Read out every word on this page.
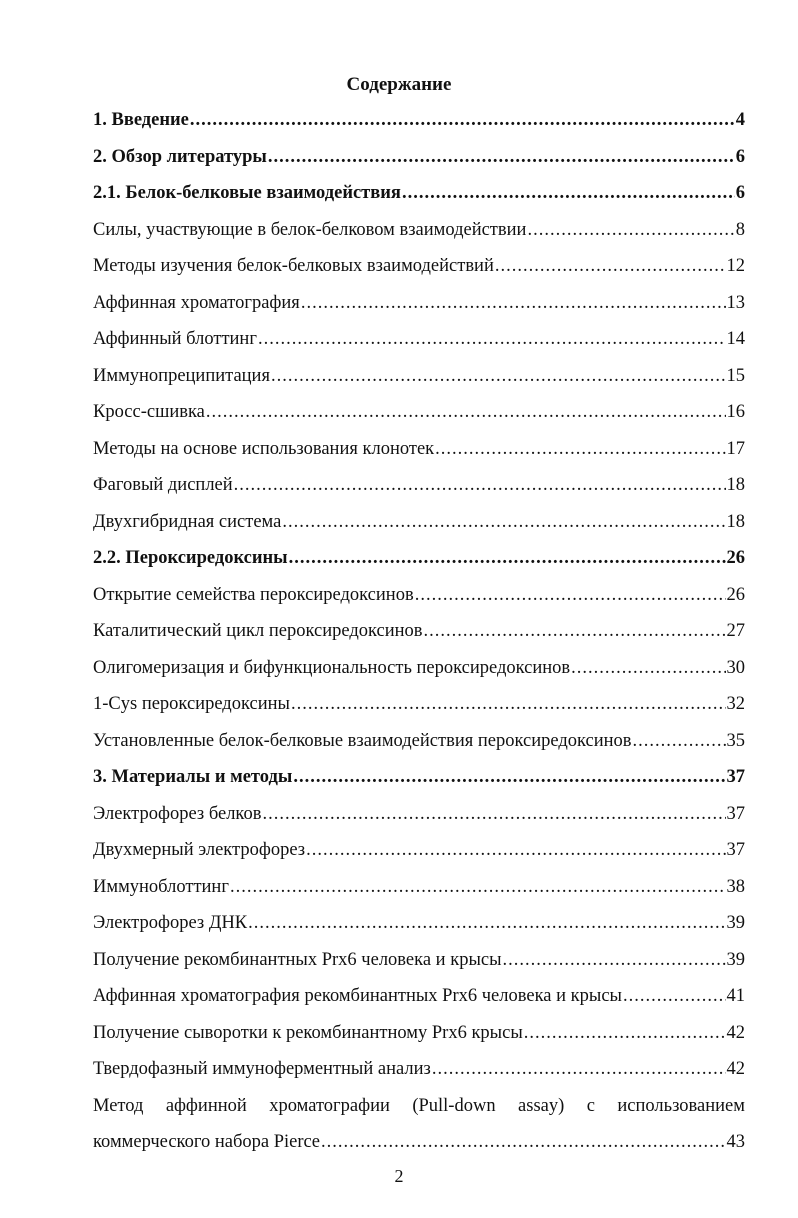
Содержание
1. Введение .....	4
2. Обзор литературы .....	6
2.1. Белок-белковые взаимодействия .....	6
Силы, участвующие в белок-белковом взаимодействии .....	8
Методы изучения белок-белковых взаимодействий .....	12
Аффинная хроматография .....	13
Аффинный блоттинг .....	14
Иммунопреципитация .....	15
Кросс-сшивка .....	16
Методы на основе использования клонотек .....	17
Фаговый дисплей .....	18
Двухгибридная система .....	18
2.2. Пероксиредоксины .....	26
Открытие семейства пероксиредоксинов .....	26
Каталитический цикл пероксиредоксинов .....	27
Олигомеризация и бифункциональность пероксиредоксинов .....	30
1-Cys пероксиредоксины .....	32
Установленные белок-белковые взаимодействия пероксиредоксинов .....	35
3. Материалы и методы .....	37
Электрофорез белков .....	37
Двухмерный электрофорез .....	37
Иммуноблоттинг .....	38
Электрофорез ДНК .....	39
Получение рекомбинантных Prx6 человека и крысы .....	39
Аффинная хроматография рекомбинантных Prx6 человека и крысы .....	41
Получение сыворотки к рекомбинантному Prx6 крысы .....	42
Твердофазный иммуноферментный анализ .....	42
Метод аффинной хроматографии (Pull-down assay) с использованием
коммерческого набора Pierce .....	43
2
